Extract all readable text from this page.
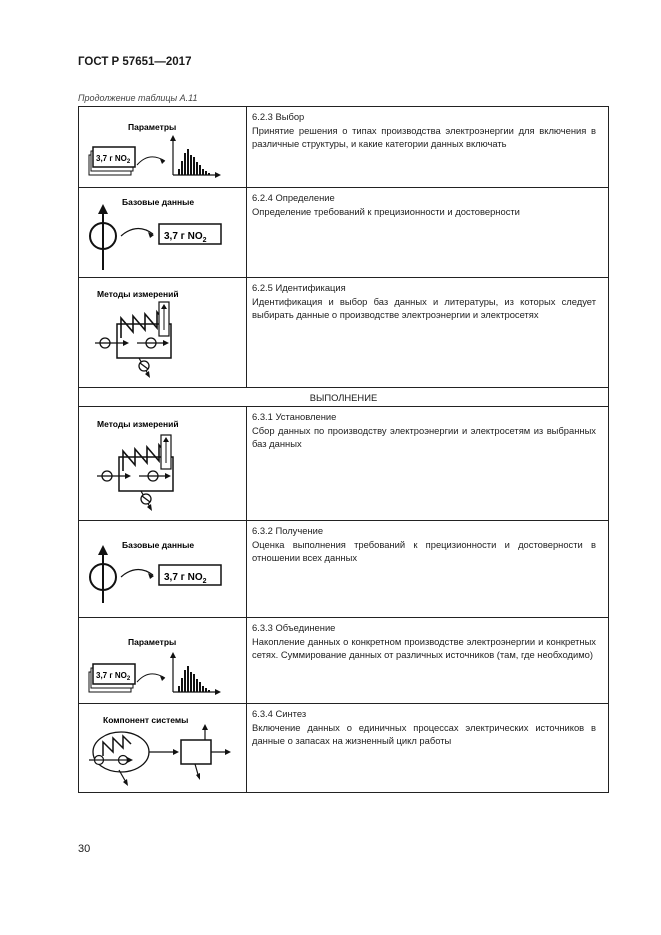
ГОСТ Р 57651—2017
Продолжение таблицы А.11
Параметры
3,7 г $NO_2$	6.2.3 Выбор
Принятие решения о типах производства электроэнергии для включения в различные структуры, и какие категории данных включать

Базовые данные
3,7 г $NO_2$	6.2.4 Определение
Определение требований к прецизионности и достоверности

Методы измерений	6.2.5 Идентификация
Идентификация и выбор баз данных и литературы, из которых следует выбирать данные о производстве электроэнергии и электросетях

ВЫПОЛНЕНИЕ	

Методы измерений	6.3.1 Установление
Сбор данных по производству электроэнергии и электросетям из выбранных баз данных

Базовые данные
3,7 г $NO_2$	6.3.2 Получение
Оценка выполнения требований к прецизионности и достоверности в отношении всех данных

Параметры
3,7 г $NO_2$	6.3.3 Объединение
Накопление данных о конкретном производстве электроэнергии и конкретных сетях. Суммирование данных от различных источников (там, где необходимо)

Компонент системы	6.3.4 Синтез
Включение данных о единичных процессах электрических источников в данные о запасах на жизненный цикл работы
30
